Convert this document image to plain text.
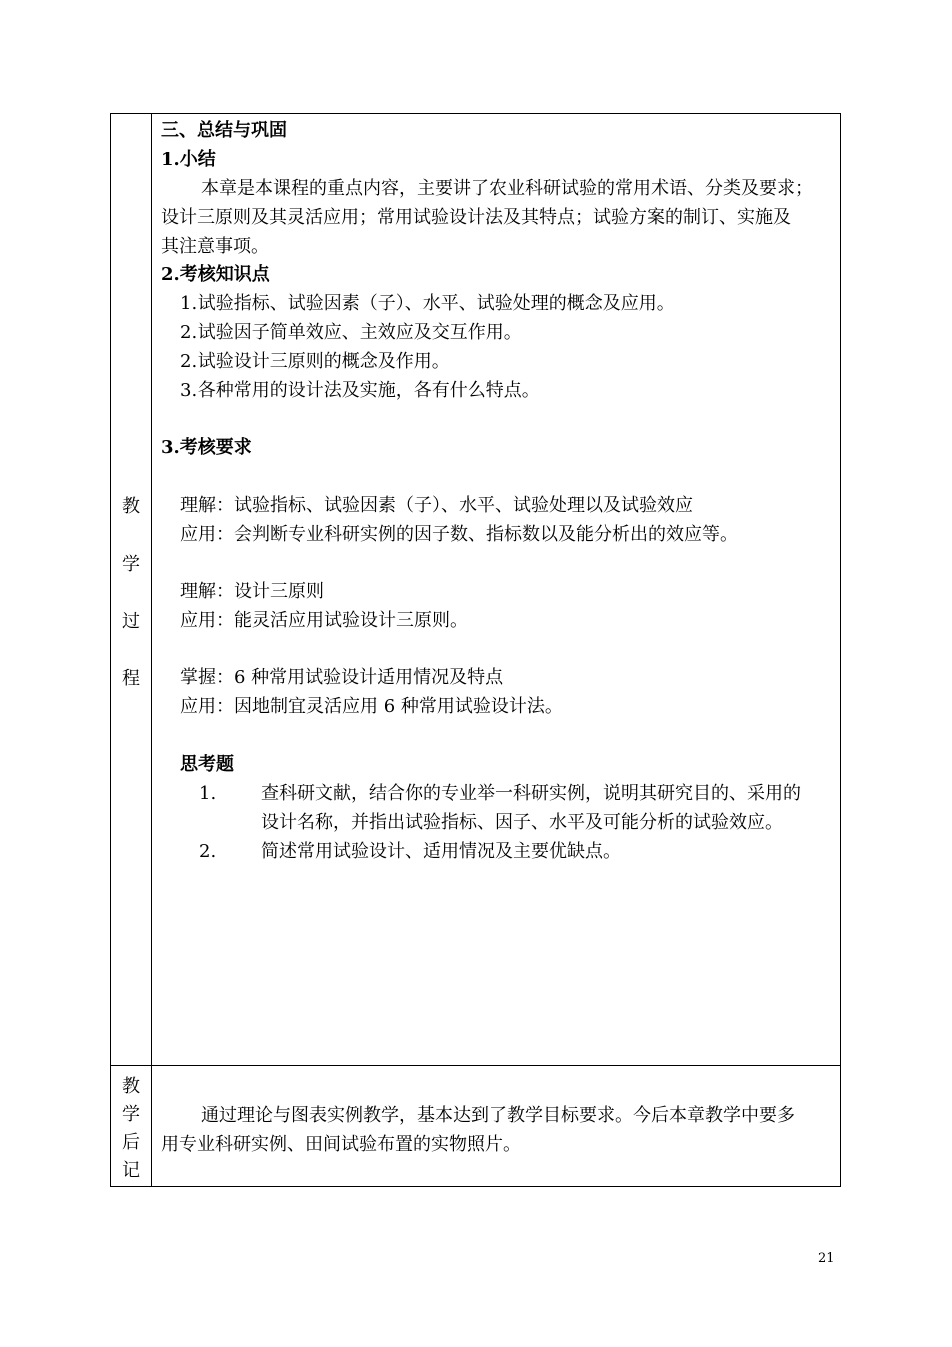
教
学
过
程
三、总结与巩固
1.小结
本章是本课程的重点内容，主要讲了农业科研试验的常用术语、分类及要求；
设计三原则及其灵活应用；常用试验设计法及其特点；试验方案的制订、实施及
其注意事项。
2.考核知识点
1. 试验指标、试验因素（子）、水平、试验处理的概念及应用。
2. 试验因子简单效应、主效应及交互作用。
2. 试验设计三原则的概念及作用。
3. 各种常用的设计法及实施，各有什么特点。
3.考核要求
理解：试验指标、试验因素（子）、水平、试验处理以及试验效应
应用：会判断专业科研实例的因子数、指标数以及能分析出的效应等。
理解：设计三原则
应用：能灵活应用试验设计三原则。
掌握：6 种常用试验设计适用情况及特点
应用：因地制宜灵活应用 6 种常用试验设计法。
思考题
1. 查科研文献，结合你的专业举一科研实例，说明其研究目的、采用的
设计名称，并指出试验指标、因子、水平及可能分析的试验效应。
2. 简述常用试验设计、适用情况及主要优缺点。
教
学
后
记
通过理论与图表实例教学，基本达到了教学目标要求。今后本章教学中要多
用专业科研实例、田间试验布置的实物照片。
21
